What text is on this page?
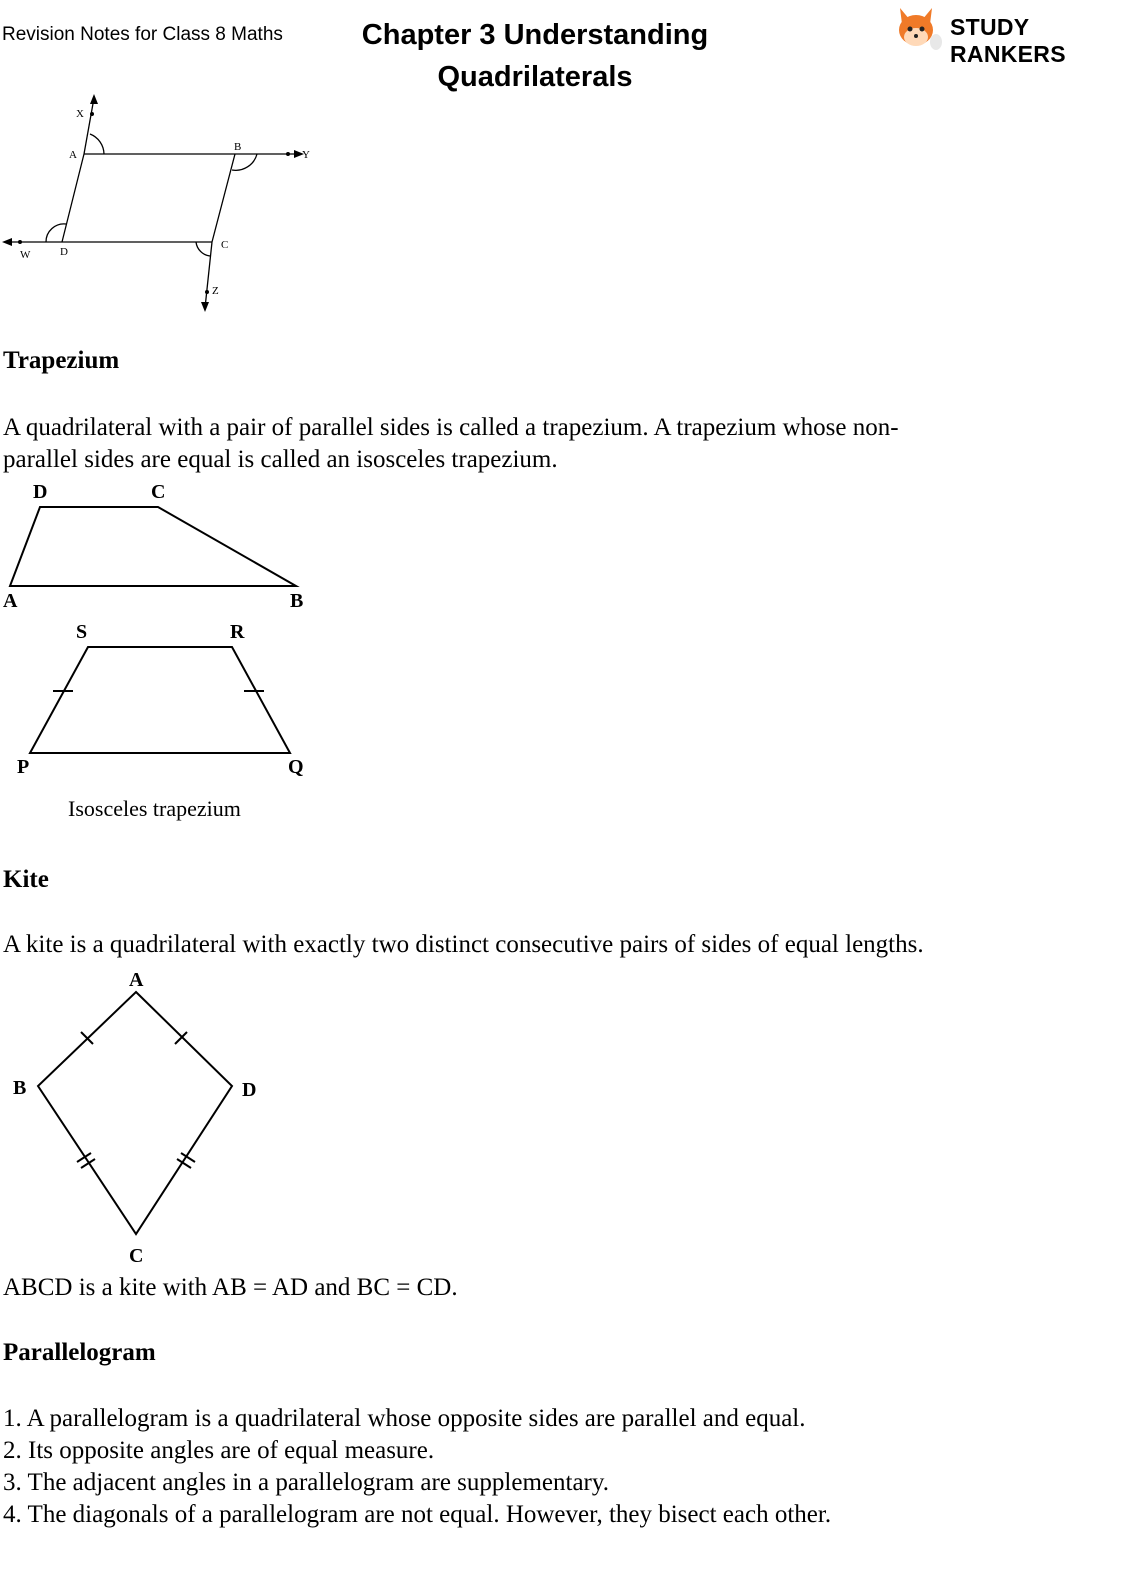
Revision Notes for Class 8 Maths	Chapter 3 Understanding
Quadrilaterals
STUDY RANKERS
X
A
B
Y
C
D
W
Z
Trapezium
A quadrilateral with a pair of parallel sides is called a trapezium. A trapezium whose non-
parallel sides are equal is called an isosceles trapezium.
D	C
A	B
S	R
P	Q
Isosceles trapezium
Kite
A kite is a quadrilateral with exactly two distinct consecutive pairs of sides of equal lengths.
A
B	D
C
ABCD is a kite with AB = AD and BC = CD.
Parallelogram
1. A parallelogram is a quadrilateral whose opposite sides are parallel and equal.
2. Its opposite angles are of equal measure.
3. The adjacent angles in a parallelogram are supplementary.
4. The diagonals of a parallelogram are not equal. However, they bisect each other.
